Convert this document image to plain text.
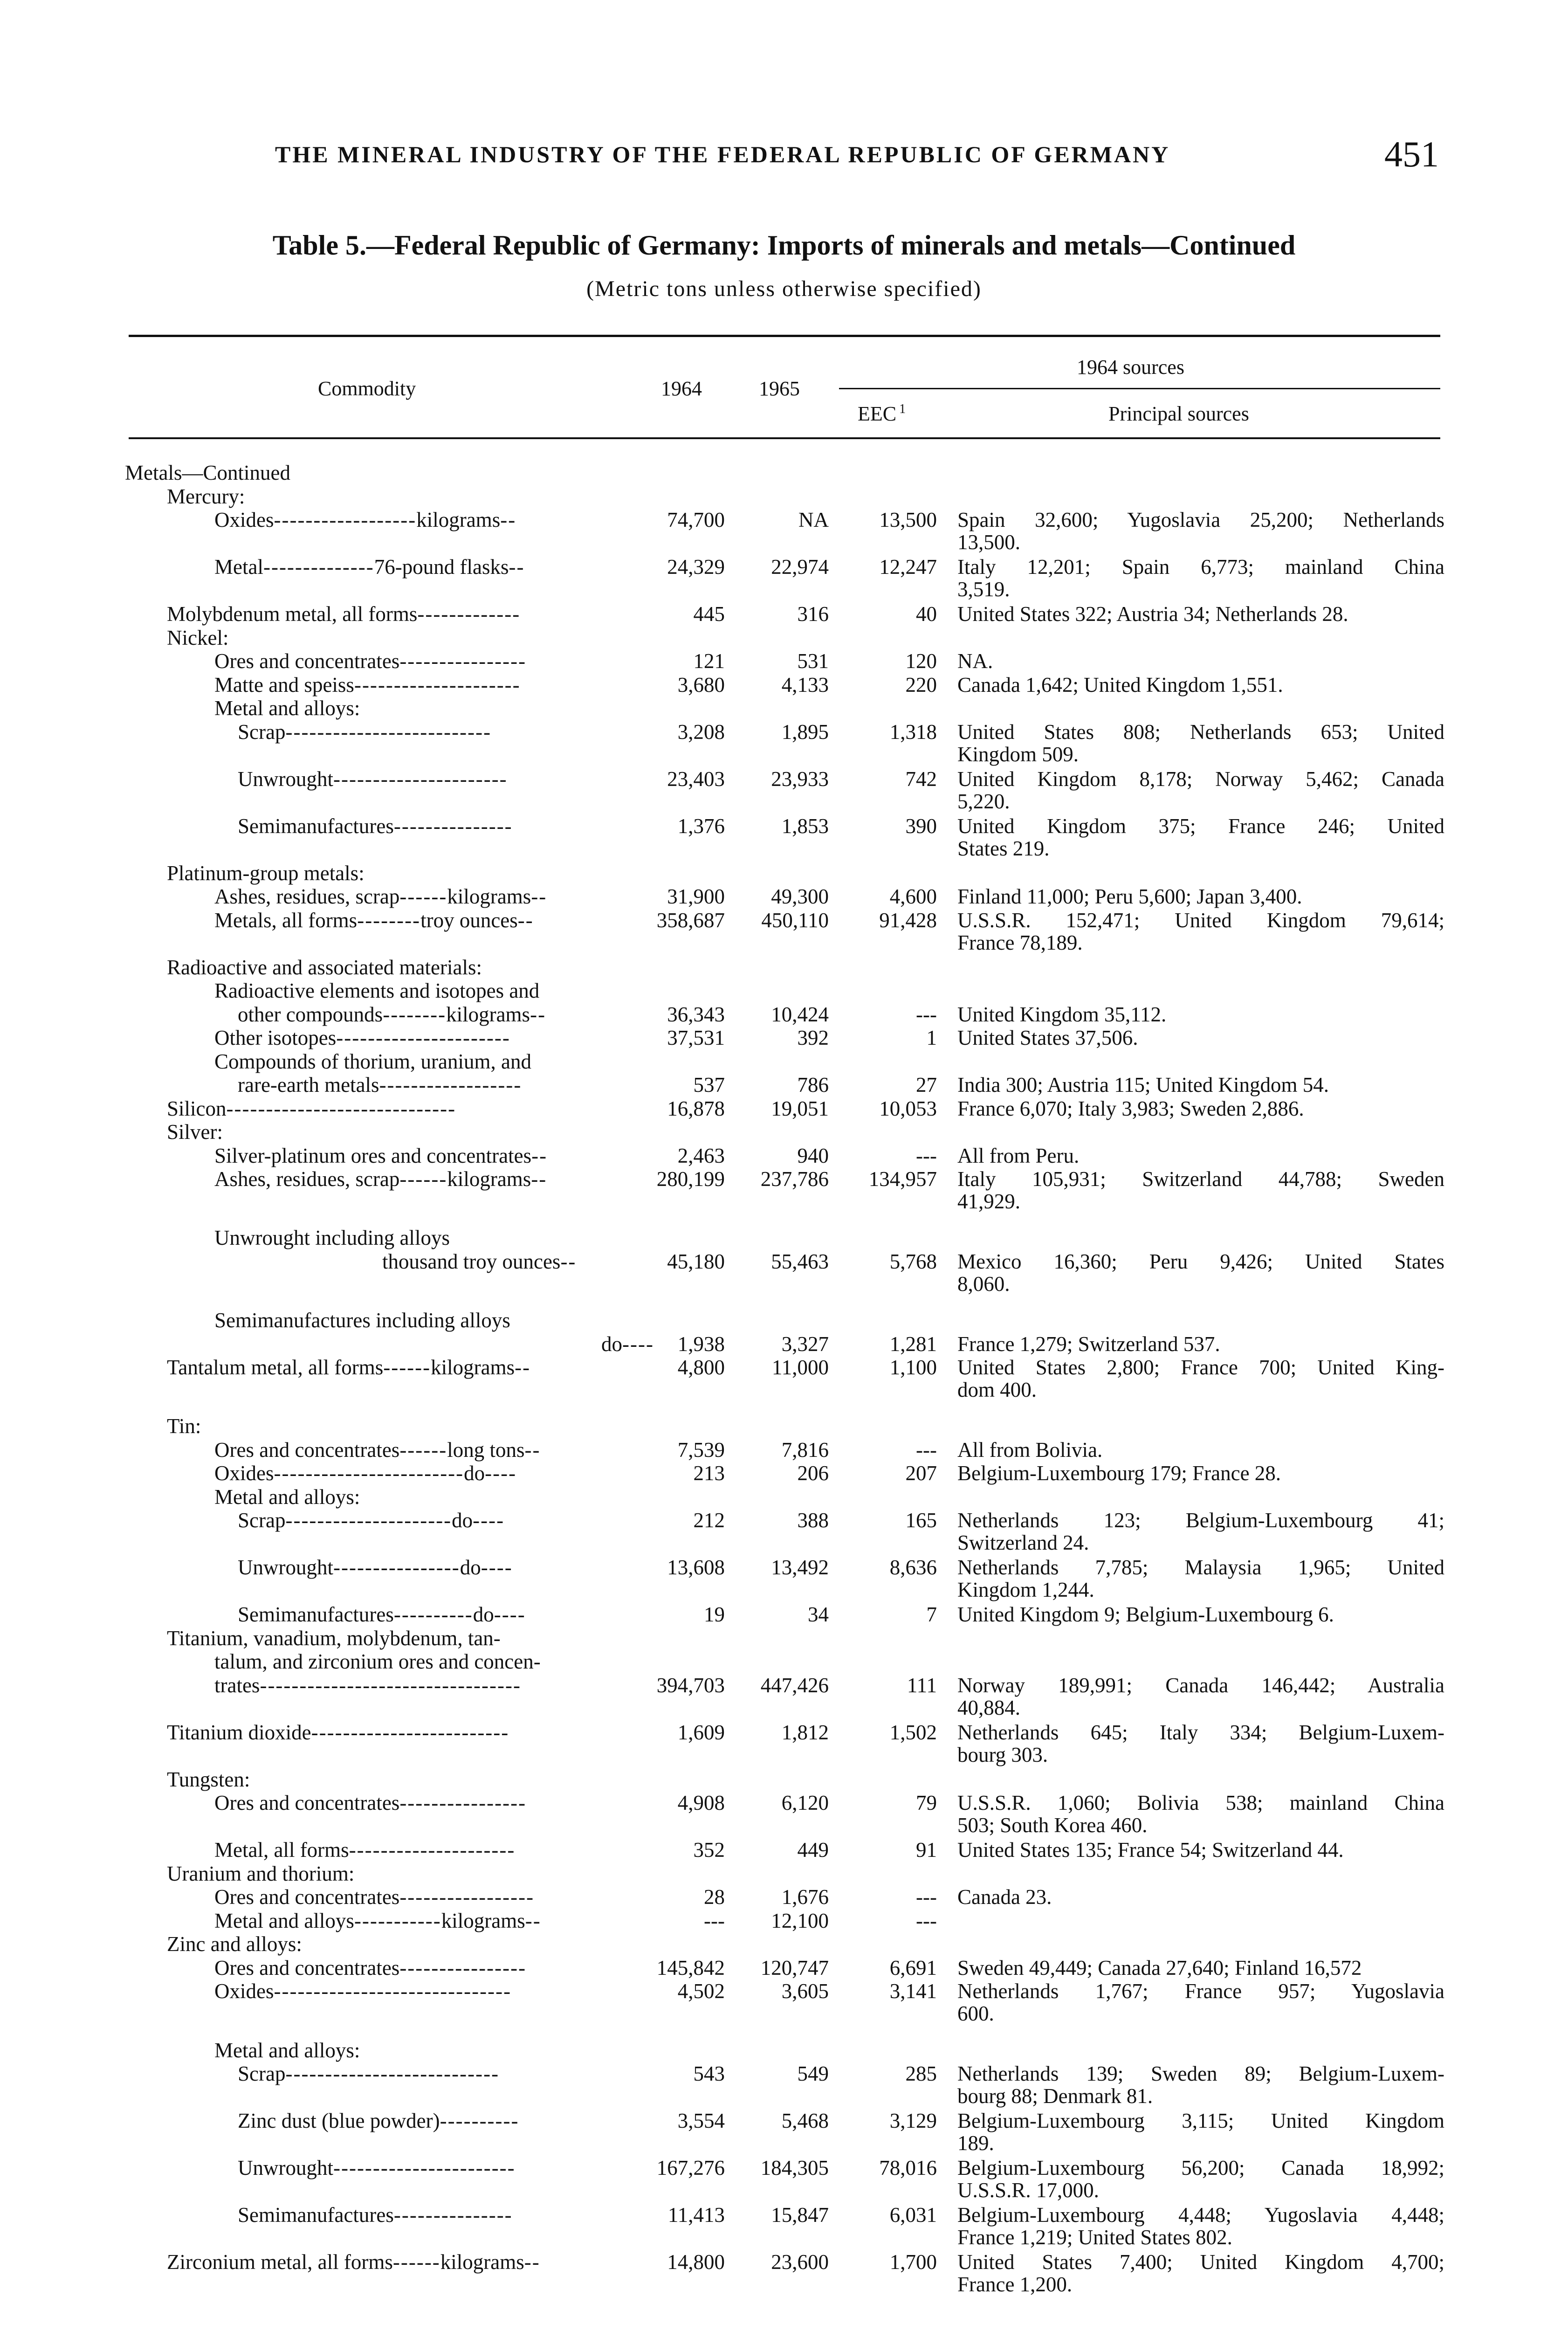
THE MINERAL INDUSTRY OF THE FEDERAL REPUBLIC OF GERMANY	451
Table 5.—Federal Republic of Germany: Imports of minerals and metals—Continued
(Metric tons unless otherwise specified)
Commodity	1964	1965
1964 sources
EEC $^1$	Principal sources
Metals—Continued
Mercury:
Oxides------------------kilograms--	74,700	NA	13,500 Spain 32,600; Yugoslavia 25,200; Netherlands
13,500.
Metal--------------76-pound flasks--	24,329	22,974	12,247 Italy 12,201; Spain 6,773; mainland China
3,519.
Molybdenum metal, all forms-------------	445	316	40 United States 322; Austria 34; Netherlands 28.
Nickel:
Ores and concentrates----------------	121	531	120 NA.
Matte and speiss---------------------	3,680	4,133	220 Canada 1,642; United Kingdom 1,551.
Metal and alloys:
Scrap--------------------------	3,208	1,895	1,318 United States 808; Netherlands 653; United
Kingdom 509.
Unwrought----------------------	23,403	23,933	742 United Kingdom 8,178; Norway 5,462; Canada
5,220.
Semimanufactures---------------	1,376	1,853	390 United Kingdom 375; France 246; United
States 219.
Platinum-group metals:
Ashes, residues, scrap------kilograms--	31,900	49,300	4,600 Finland 11,000; Peru 5,600; Japan 3,400.
Metals, all forms--------troy ounces--	358,687	450,110	91,428 U.S.S.R. 152,471; United Kingdom 79,614;
France 78,189.
Radioactive and associated materials:
Radioactive elements and isotopes and
other compounds--------kilograms--	36,343	10,424	--- United Kingdom 35,112.
Other isotopes----------------------	37,531	392	1 United States 37,506.
Compounds of thorium, uranium, and
rare-earth metals------------------	537	786	27 India 300; Austria 115; United Kingdom 54.
Silicon-----------------------------	16,878	19,051	10,053 France 6,070; Italy 3,983; Sweden 2,886.
Silver:
Silver-platinum ores and concentrates--	2,463	940	--- All from Peru.
Ashes, residues, scrap------kilograms--	280,199	237,786	134,957 Italy 105,931; Switzerland 44,788; Sweden
41,929.
Unwrought including alloys
thousand troy ounces--	45,180	55,463	5,768 Mexico 16,360; Peru 9,426; United States
8,060.
Semimanufactures including alloys
do----	1,938	3,327	1,281 France 1,279; Switzerland 537.
Tantalum metal, all forms------kilograms--	4,800	11,000	1,100 United States 2,800; France 700; United King-
dom 400.
Tin:
Ores and concentrates------long tons--	7,539	7,816	--- All from Bolivia.
Oxides------------------------do----	213	206	207 Belgium-Luxembourg 179; France 28.
Metal and alloys:
Scrap---------------------do----	212	388	165 Netherlands 123; Belgium-Luxembourg 41;
Switzerland 24.
Unwrought----------------do----	13,608	13,492	8,636 Netherlands 7,785; Malaysia 1,965; United
Kingdom 1,244.
Semimanufactures----------do----	19	34	7 United Kingdom 9; Belgium-Luxembourg 6.
Titanium, vanadium, molybdenum, tan-
talum, and zirconium ores and concen-
trates---------------------------------	394,703	447,426	111 Norway 189,991; Canada 146,442; Australia
40,884.
Titanium dioxide-------------------------	1,609	1,812	1,502 Netherlands 645; Italy 334; Belgium-Luxem-
bourg 303.
Tungsten:
Ores and concentrates----------------	4,908	6,120	79 U.S.S.R. 1,060; Bolivia 538; mainland China
503; South Korea 460.
Metal, all forms---------------------	352	449	91 United States 135; France 54; Switzerland 44.
Uranium and thorium:
Ores and concentrates-----------------	28	1,676	--- Canada 23.
Metal and alloys-----------kilograms--	---	12,100	---
Zinc and alloys:
Ores and concentrates----------------	145,842	120,747	6,691 Sweden 49,449; Canada 27,640; Finland 16,572
Oxides------------------------------	4,502	3,605	3,141 Netherlands 1,767; France 957; Yugoslavia
600.
Metal and alloys:
Scrap---------------------------	543	549	285 Netherlands 139; Sweden 89; Belgium-Luxem-
bourg 88; Denmark 81.
Zinc dust (blue powder)----------	3,554	5,468	3,129 Belgium-Luxembourg 3,115; United Kingdom
189.
Unwrought-----------------------	167,276	184,305	78,016 Belgium-Luxembourg 56,200; Canada 18,992;
U.S.S.R. 17,000.
Semimanufactures---------------	11,413	15,847	6,031 Belgium-Luxembourg 4,448; Yugoslavia 4,448;
France 1,219; United States 802.
Zirconium metal, all forms------kilograms--	14,800	23,600	1,700 United States 7,400; United Kingdom 4,700;
France 1,200.
